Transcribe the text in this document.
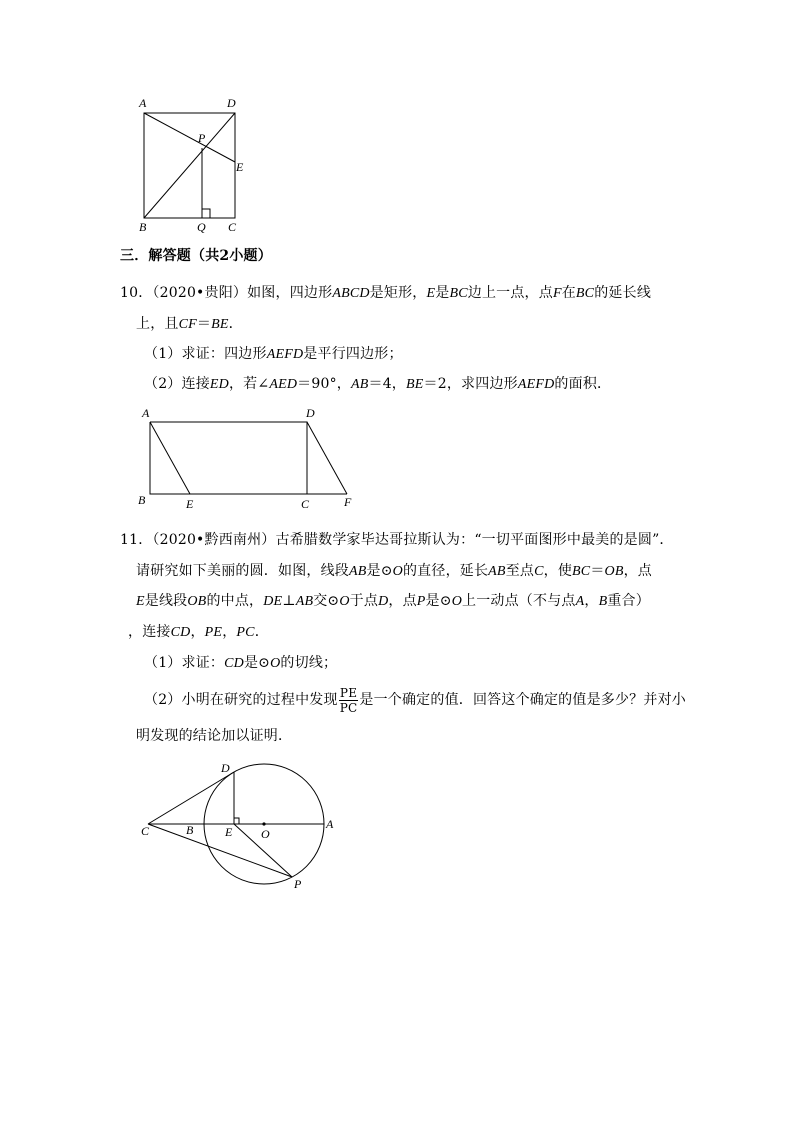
A	D
P
E
B	Q C
三．解答题（共2小题）
10．（2020•贵阳）如图，四边形ABCD是矩形，E是BC边上一点，点F在BC的延长线
上，且CF＝BE．
（1）求证：四边形AEFD是平行四边形；
（2）连接ED，若∠AED＝90°，AB＝4，BE＝2，求四边形AEFD的面积．
A	D
B	E	C	F
11．（2020•黔西南州）古希腊数学家毕达哥拉斯认为：“一切平面图形中最美的是圆”．
请研究如下美丽的圆．如图，线段AB是⊙O的直径，延长AB至点C，使BC＝OB，点
E是线段OB的中点，DE⊥AB交⊙O于点D，点P是⊙O上一动点（不与点A，B重合）
，连接CD，PE，PC．
（1）求证：CD是⊙O的切线；
（2）小明在研究的过程中发现 $\frac{PE}{PC}$ 是一个确定的值．回答这个确定的值是多少？并对小
明发现的结论加以证明．
D
C	B	E O
A
P
